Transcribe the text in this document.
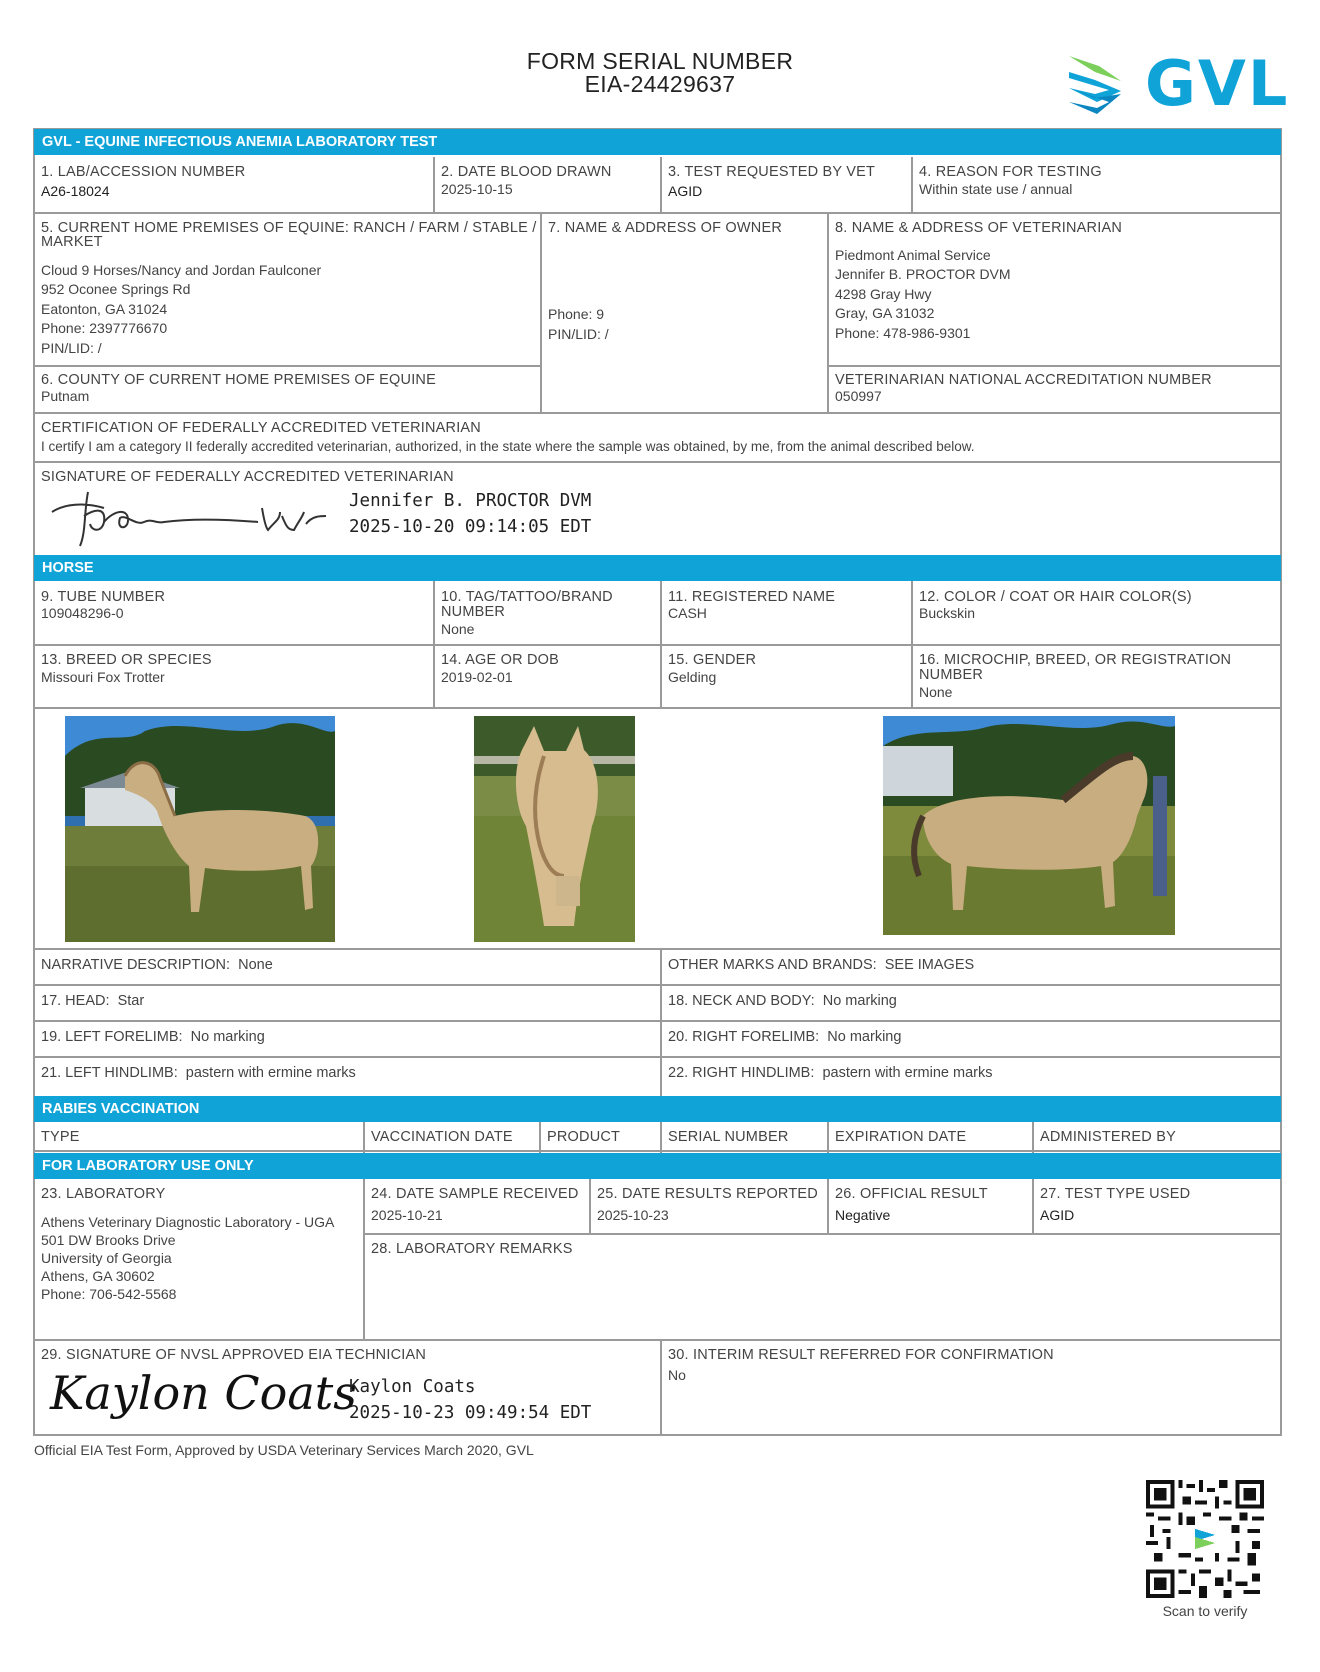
FORM SERIAL NUMBER
EIA-24429637	GVL
GVL - EQUINE INFECTIOUS ANEMIA LABORATORY TEST
HORSE
RABIES VACCINATION
FOR LABORATORY USE ONLY
1. LAB/ACCESSION NUMBER
A26-18024
2. DATE BLOOD DRAWN
2025-10-15
3. TEST REQUESTED BY VET
AGID
4. REASON FOR TESTING
Within state use / annual
5. CURRENT HOME PREMISES OF EQUINE: RANCH / FARM / STABLE /
MARKET
Cloud 9 Horses/Nancy and Jordan Faulconer
952 Oconee Springs Rd
Eatonton, GA 31024
Phone: 2397776670
PIN/LID: /
7. NAME & ADDRESS OF OWNER
Phone: 9
PIN/LID: /
8. NAME & ADDRESS OF VETERINARIAN
Piedmont Animal Service
Jennifer B. PROCTOR DVM
4298 Gray Hwy
Gray, GA 31032
Phone: 478-986-9301
6. COUNTY OF CURRENT HOME PREMISES OF EQUINE
Putnam
VETERINARIAN NATIONAL ACCREDITATION NUMBER
050997
CERTIFICATION OF FEDERALLY ACCREDITED VETERINARIAN
I certify I am a category II federally accredited veterinarian, authorized, in the state where the sample was obtained, by me, from the animal described below.
SIGNATURE OF FEDERALLY ACCREDITED VETERINARIAN
Jennifer B. PROCTOR DVM
2025-10-20 09:14:05 EDT
9. TUBE NUMBER
109048296-0
10. TAG/TATTOO/BRAND
NUMBER
None
11. REGISTERED NAME
CASH
12. COLOR / COAT OR HAIR COLOR(S)
Buckskin
13. BREED OR SPECIES
Missouri Fox Trotter
14. AGE OR DOB
2019-02-01
15. GENDER
Gelding
16. MICROCHIP, BREED, OR REGISTRATION
NUMBER
None
NARRATIVE DESCRIPTION: None	OTHER MARKS AND BRANDS: SEE IMAGES
17. HEAD: Star	18. NECK AND BODY: No marking
19. LEFT FORELIMB: No marking	20. RIGHT FORELIMB: No marking
21. LEFT HINDLIMB: pastern with ermine marks	22. RIGHT HINDLIMB: pastern with ermine marks
TYPE	VACCINATION DATE PRODUCT	SERIAL NUMBER	EXPIRATION DATE	ADMINISTERED BY
23. LABORATORY
Athens Veterinary Diagnostic Laboratory - UGA
501 DW Brooks Drive
University of Georgia
Athens, GA 30602
Phone: 706-542-5568
24. DATE SAMPLE RECEIVED
2025-10-21
25. DATE RESULTS REPORTED
2025-10-23
26. OFFICIAL RESULT
Negative
27. TEST TYPE USED
AGID
28. LABORATORY REMARKS
29. SIGNATURE OF NVSL APPROVED EIA TECHNICIAN
Kaylon Coats
Kaylon Coats
2025-10-23 09:49:54 EDT
30. INTERIM RESULT REFERRED FOR CONFIRMATION
No
Official EIA Test Form, Approved by USDA Veterinary Services March 2020, GVL
Scan to verify
